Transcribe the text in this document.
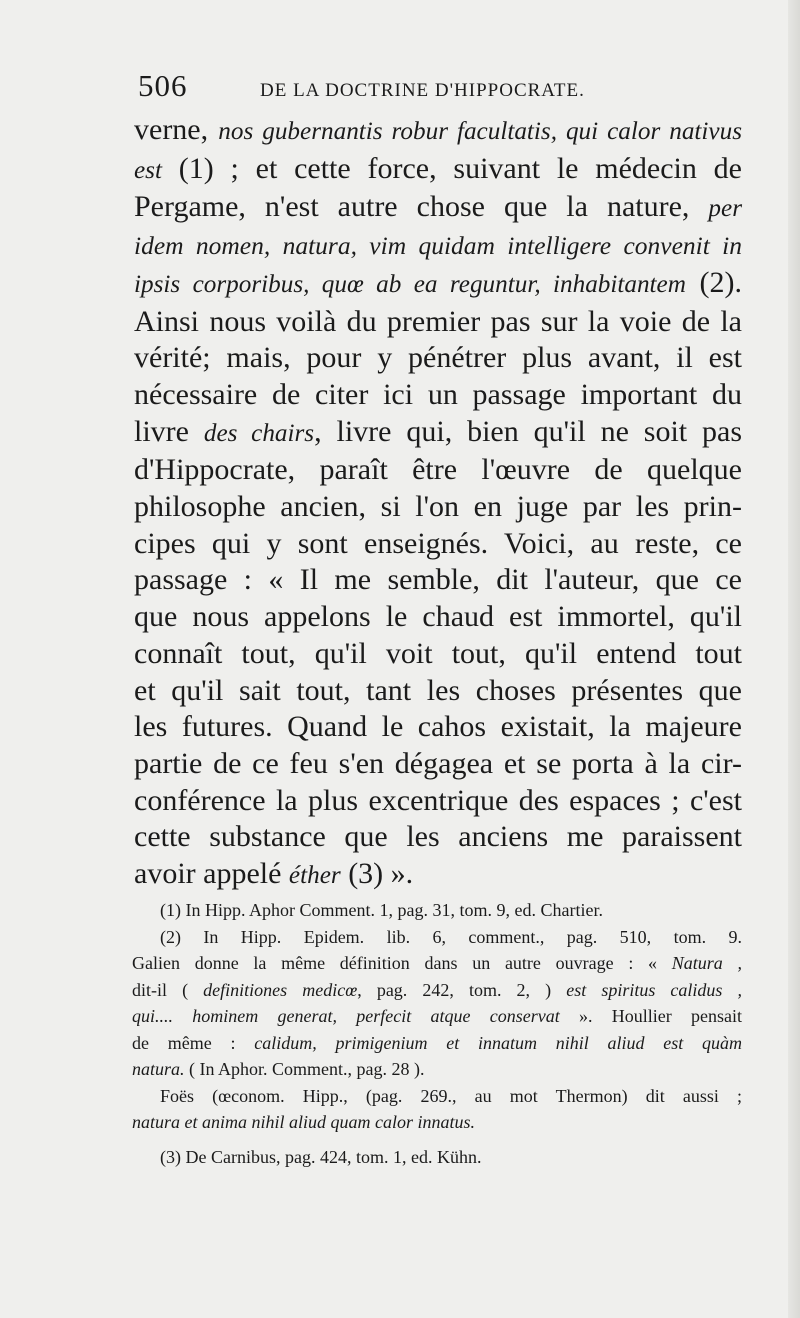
506	DE LA DOCTRINE D'HIPPOCRATE.
verne, nos gubernantis robur facultatis, qui calor nativus
est (1) ; et cette force, suivant le médecin de
Pergame, n'est autre chose que la nature, per
idem nomen, natura, vim quidam intelligere convenit in
ipsis corporibus, quœ ab ea reguntur, inhabitantem (2).
Ainsi nous voilà du premier pas sur la voie de la
vérité; mais, pour y pénétrer plus avant, il est
nécessaire de citer ici un passage important du
livre des chairs, livre qui, bien qu'il ne soit pas
d'Hippocrate, paraît être l'œuvre de quelque
philosophe ancien, si l'on en juge par les prin-
cipes qui y sont enseignés. Voici, au reste, ce
passage : « Il me semble, dit l'auteur, que ce
que nous appelons le chaud est immortel, qu'il
connaît tout, qu'il voit tout, qu'il entend tout
et qu'il sait tout, tant les choses présentes que
les futures. Quand le cahos existait, la majeure
partie de ce feu s'en dégagea et se porta à la cir-
conférence la plus excentrique des espaces ; c'est
cette substance que les anciens me paraissent
avoir appelé éther (3) ».
(1) In Hipp. Aphor Comment. 1, pag. 31, tom. 9, ed. Chartier.
(2) In Hipp. Epidem. lib. 6, comment., pag. 510, tom. 9.
Galien donne la même définition dans un autre ouvrage : « Natura ,
dit-il ( definitiones medicœ, pag. 242, tom. 2, ) est spiritus calidus ,
qui.... hominem generat, perfecit atque conservat ». Houllier pensait
de même : calidum, primigenium et innatum nihil aliud est quàm
natura. ( In Aphor. Comment., pag. 28 ).
Foës (œconom. Hipp., (pag. 269., au mot Thermon) dit aussi ;
natura et anima nihil aliud quam calor innatus.
(3) De Carnibus, pag. 424, tom. 1, ed. Kühn.
